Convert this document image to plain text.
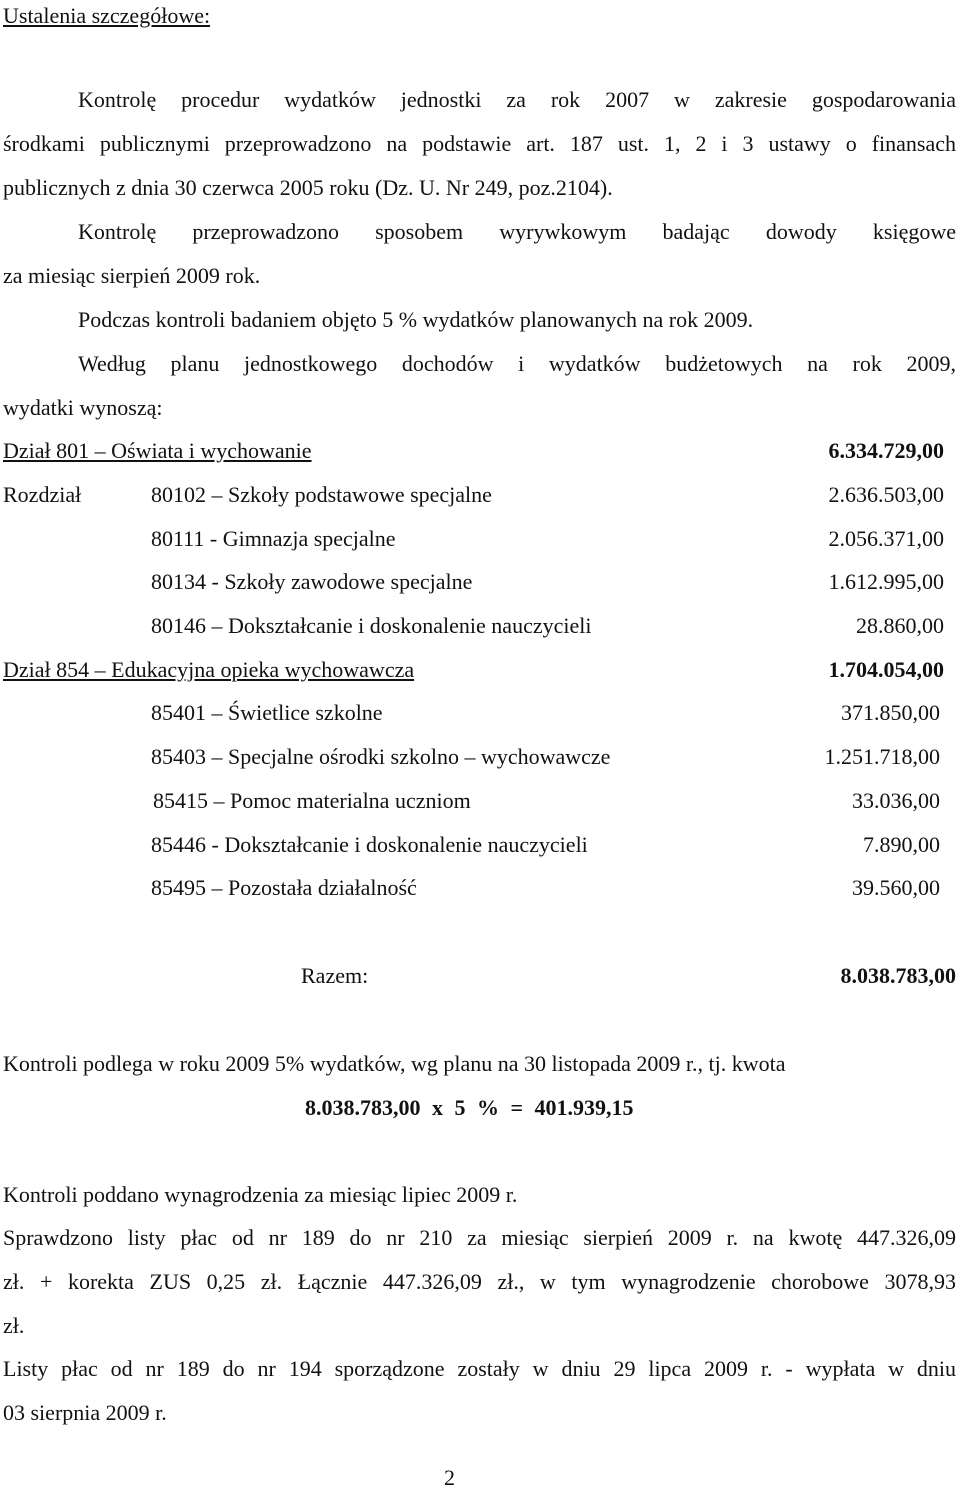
Ustalenia szczegółowe:
Kontrolę procedur wydatków jednostki za rok 2007 w zakresie gospodarowania
środkami publicznymi przeprowadzono na podstawie art. 187 ust. 1, 2 i 3 ustawy o finansach
publicznych z dnia 30 czerwca 2005 roku (Dz. U. Nr 249, poz.2104).
Kontrolę przeprowadzono sposobem wyrywkowym badając dowody księgowe
za miesiąc sierpień 2009 rok.
Podczas kontroli badaniem objęto 5 % wydatków planowanych na rok 2009.
Według planu jednostkowego dochodów i wydatków budżetowych na rok 2009,
wydatki wynoszą:
Dział 801 – Oświata i wychowanie	6.334.729,00
Rozdział	80102 – Szkoły podstawowe specjalne	2.636.503,00
80111 - Gimnazja specjalne	2.056.371,00
80134 - Szkoły zawodowe specjalne	1.612.995,00
80146 – Dokształcanie i doskonalenie nauczycieli	28.860,00
Dział 854 – Edukacyjna opieka wychowawcza	1.704.054,00
85401 – Świetlice szkolne	371.850,00
85403 – Specjalne ośrodki szkolno – wychowawcze	1.251.718,00
85415 – Pomoc materialna uczniom	33.036,00
85446 - Dokształcanie i doskonalenie nauczycieli	7.890,00
85495 – Pozostała działalność	39.560,00
Razem:	8.038.783,00
Kontroli podlega w roku 2009 5% wydatków, wg planu na 30 listopada 2009 r., tj. kwota
8.038.783,00 x 5 % = 401.939,15
Kontroli poddano wynagrodzenia za miesiąc lipiec 2009 r.
Sprawdzono listy płac od nr 189 do nr 210 za miesiąc sierpień 2009 r. na kwotę 447.326,09
zł. + korekta ZUS 0,25 zł. Łącznie 447.326,09 zł., w tym wynagrodzenie chorobowe 3078,93
zł.
Listy płac od nr 189 do nr 194 sporządzone zostały w dniu 29 lipca 2009 r. - wypłata w dniu
03 sierpnia 2009 r.
2
